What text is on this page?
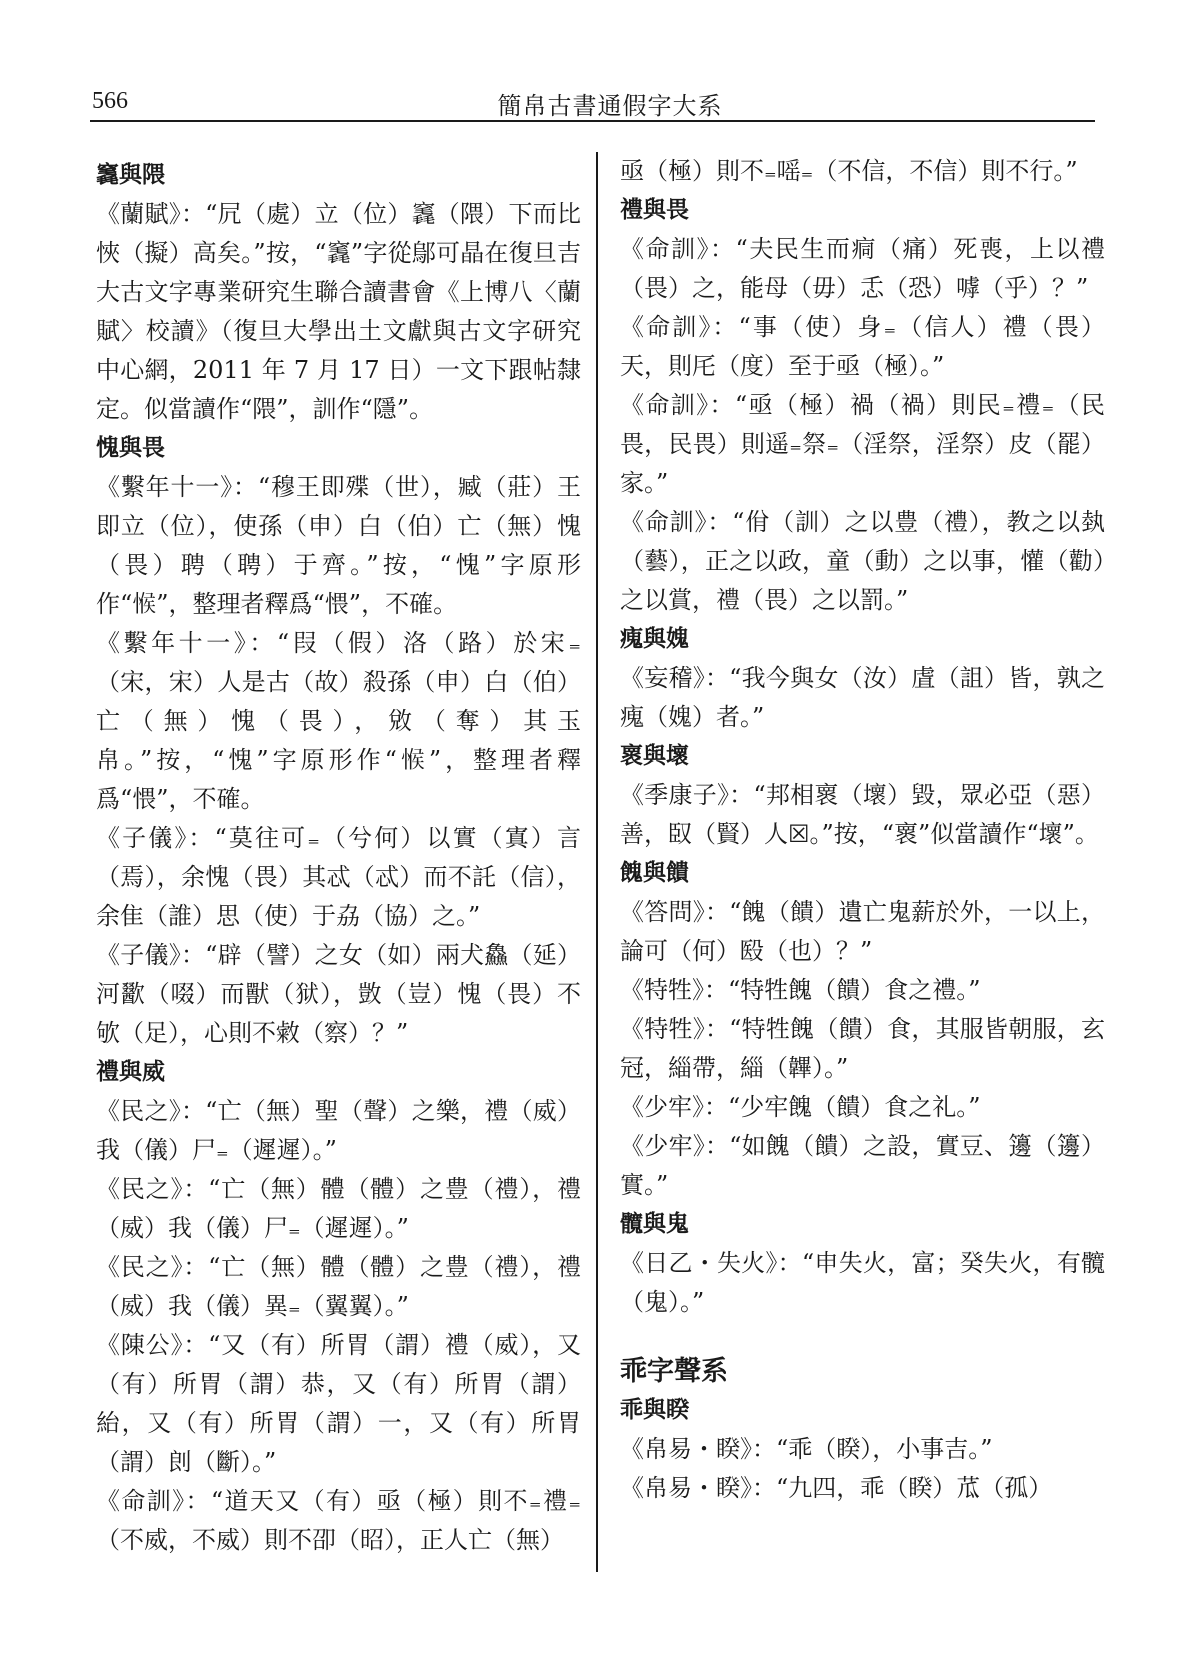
566	簡帛古書通假字大系
竁與隈
《蘭賦》：“凥（處）立（位）竁（隈）下而比悏（擬）高矣。”按，“竁”字從鄔可晶在復旦吉大古文字專業研究生聯合讀書會《上博八〈蘭賦〉校讀》（復旦大學出土文獻與古文字研究中心網，2011 年 7 月 17 日）一文下跟帖隸定。似當讀作“隈”，訓作“隱”。
愧與畏
《繫年十一》：“穆王即殜（世），臧（莊）王即立（位），使孫（申）白（伯）亡（無）愧（畏）聘（聘）于齊。”按，“愧”字原形作“𢜵”，整理者釋爲“愄”，不確。
《繫年十一》：“叚（假）洛（路）於宋₌（宋，宋）人是古（故）殺孫（申）白（伯）亡（無）愧（畏），敓（奪）其玉帛。”按，“愧”字原形作“𢜵”，整理者釋爲“愄”，不確。
《子儀》：“莫往可₌（兮何）以實（寘）言（焉），余愧（畏）其忒（忒）而不託（信），余隹（誰）思（使）于劦（協）之。”
《子儀》：“辟（譬）之女（如）兩犬鱻（延）河歠（啜）而獸（狱），敳（豈）愧（畏）不欨（足），心則不敹（察）？”
禮與威
《民之》：“亡（無）聖（聲）之樂，禮（威）我（儀）尸₌（遲遲）。”
《民之》：“亡（無）體（體）之豊（禮），禮（威）我（儀）尸₌（遲遲）。”
《民之》：“亡（無）體（體）之豊（禮），禮（威）我（儀）異₌（翼翼）。”
《陳公》：“又（有）所胃（謂）禮（威），又（有）所胃（謂）恭，又（有）所胃（謂）紿，又（有）所胃（謂）一，又（有）所胃（謂）剆（斷）。”
《命訓》：“道天又（有）亟（極）則不₌禮₌（不威，不威）則不卲（昭），正人亡（無）
亟（極）則不₌嗂₌（不信，不信）則不行。”
禮與畏
《命訓》：“夫民生而痌（痛）死喪，上以禮（畏）之，能母（毋）忎（恐）嘑（乎）？”
《命訓》：“事（使）身₌（信人）禮（畏）天，則厇（度）至于亟（極）。”
《命訓》：“亟（極）禍（禍）則民₌禮₌（民畏，民畏）則遥₌祭₌（淫祭，淫祭）皮（罷）家。”
《命訓》：“佾（訓）之以豊（禮），教之以埶（藝），正之以政，童（動）之以事，懽（勸）之以賞，禮（畏）之以罰。”
瘣與媿
《妄稽》：“我今與女（汝）虘（詛）皆，孰之瘣（媿）者。”
褱與壞
《季康子》：“邦相褱（壞）毀，眾必亞（惡）善，臤（賢）人☒。”按，“褱”似當讀作“壞”。
餽與饋
《答問》：“餽（饋）遺亡鬼薪於外，一以上，論可（何）殹（也）？”
《特牲》：“特牲餽（饋）食之禮。”
《特牲》：“特牲餽（饋）食，其服皆朝服，玄冠，緇帶，緇（韠）。”
《少牢》：“少牢餽（饋）食之礼。”
《少牢》：“如餽（饋）之設，實豆、籩（籩）實。”
髖與鬼
《日乙・失火》：“申失火，富；癸失火，有髖（鬼）。”
乖字聲系
乖與睽
《帛易・睽》：“乖（睽），小事吉。”
《帛易・睽》：“九四，乖（睽）苽（孤）
